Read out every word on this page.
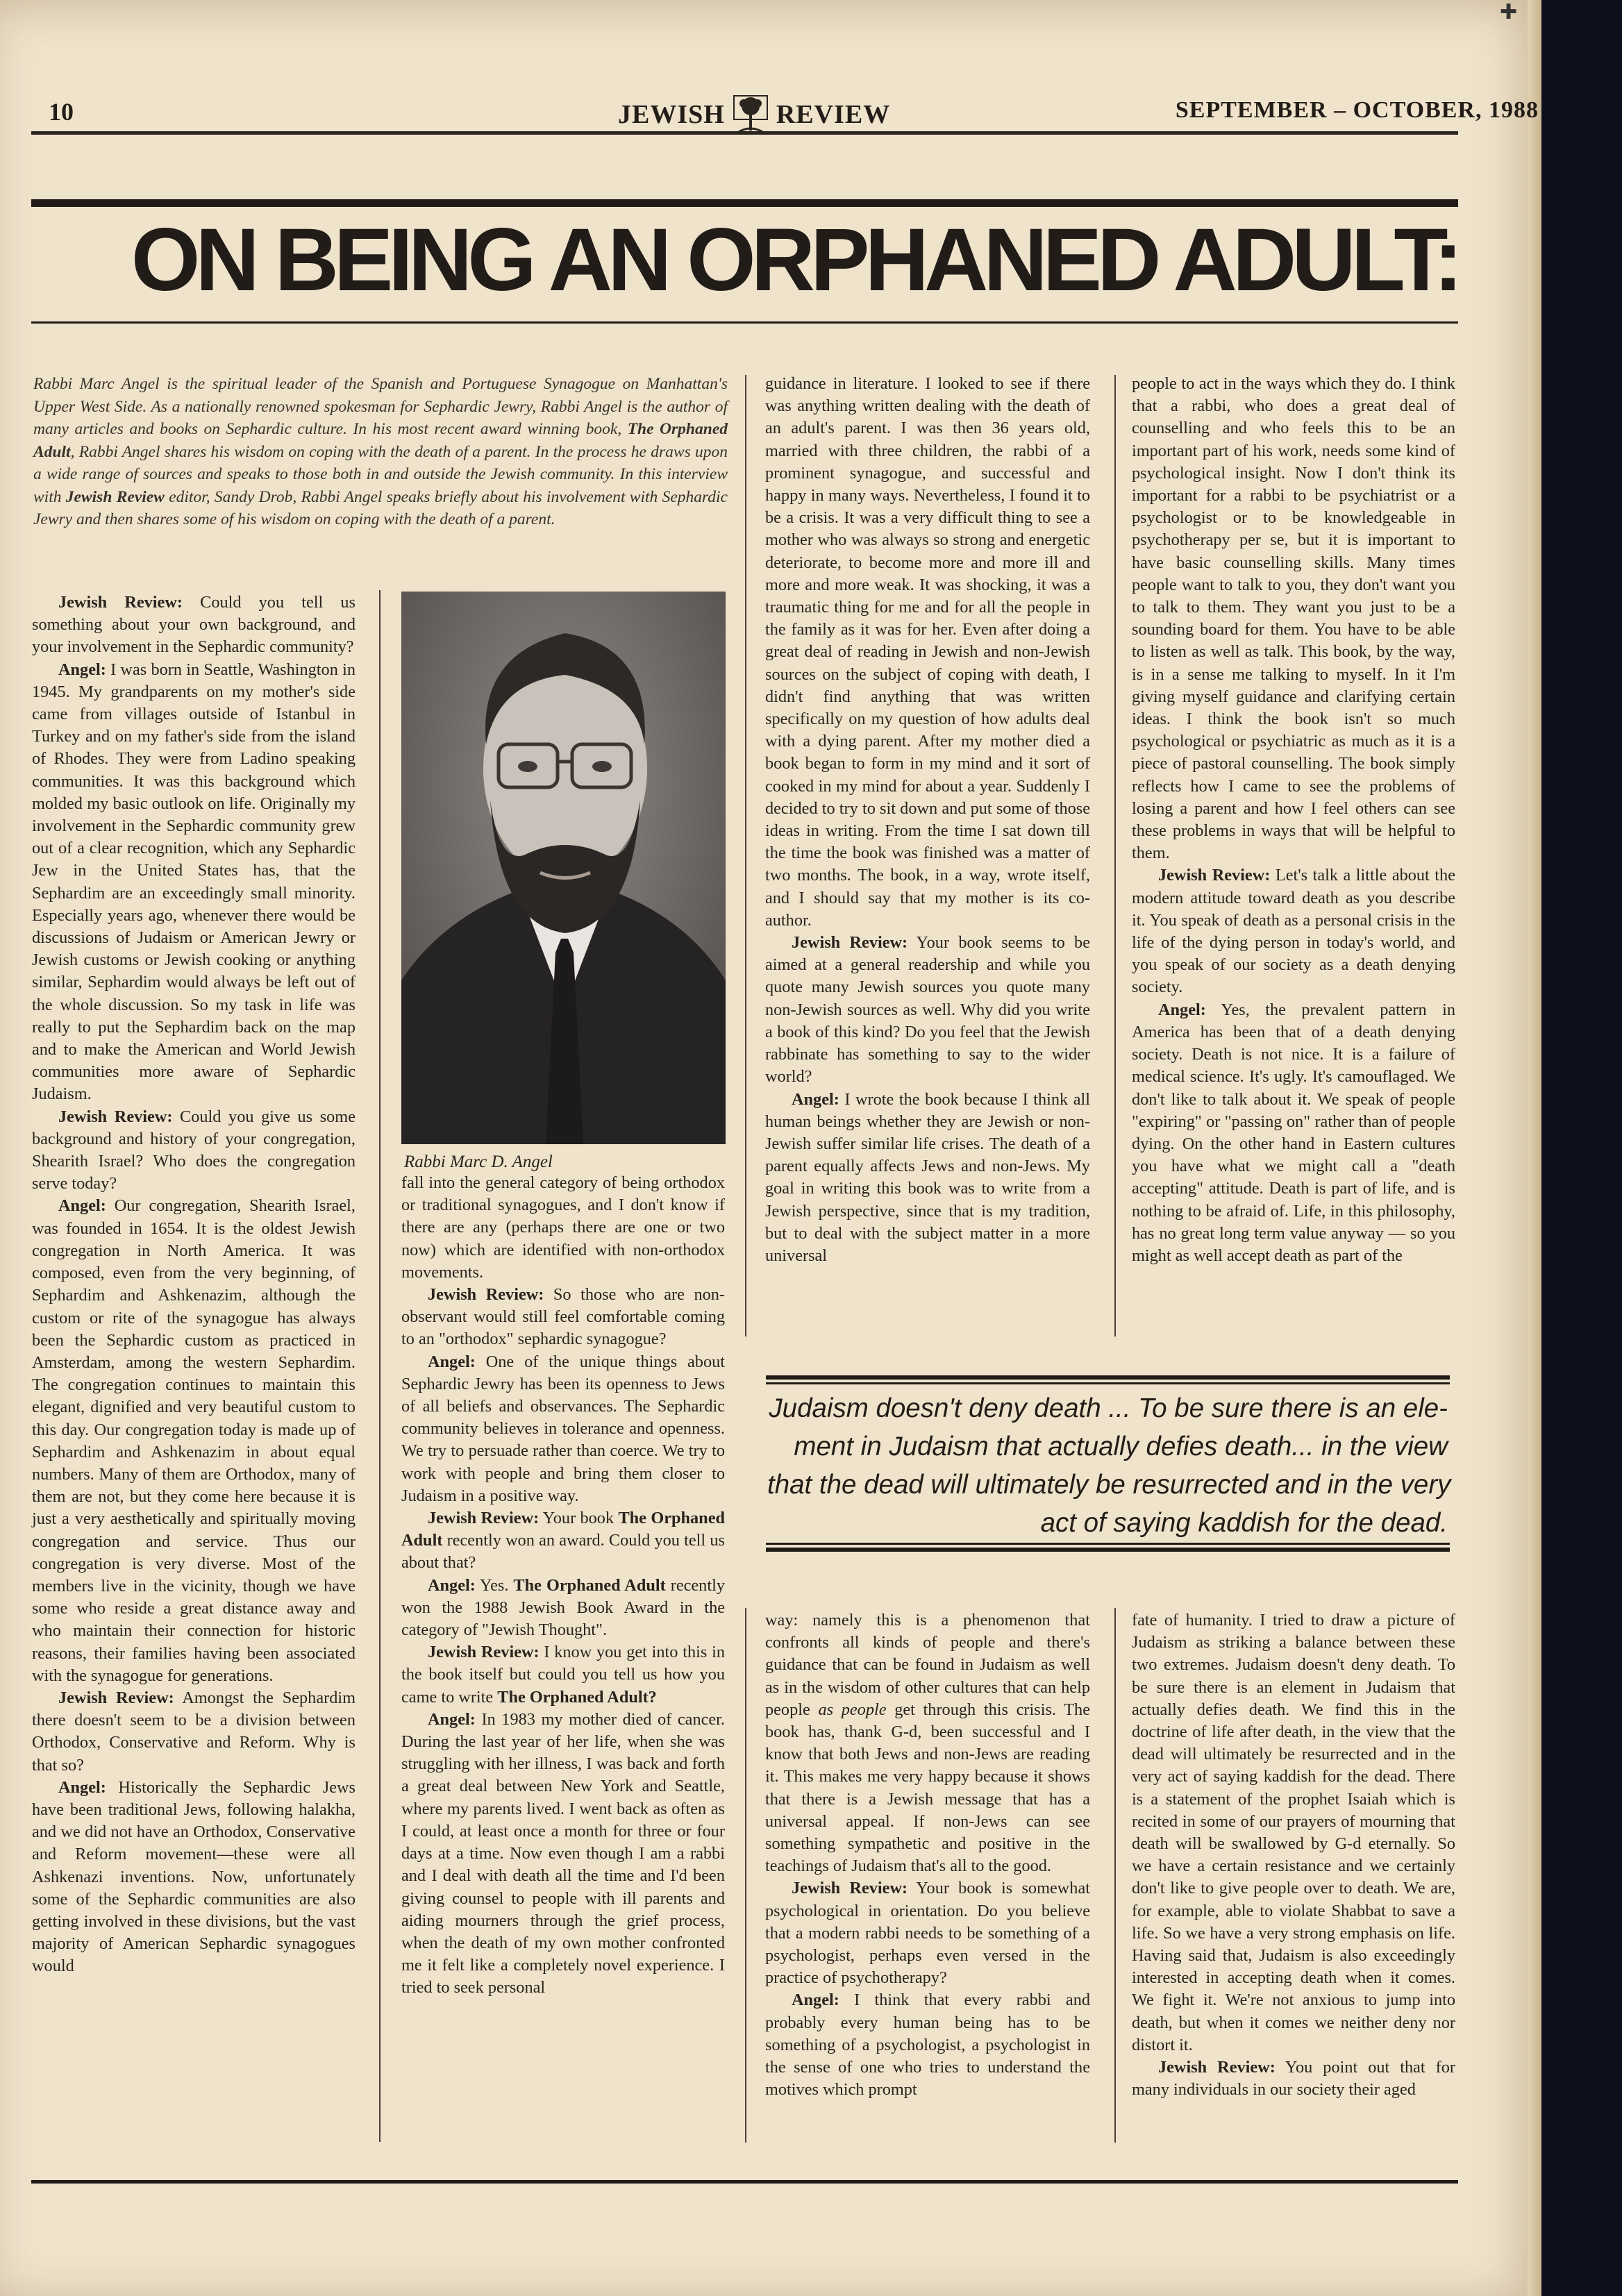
✚
10	JEWISH REVIEW	SEPTEMBER – OCTOBER, 1988
ON BEING AN ORPHANED ADULT:
Rabbi Marc Angel is the spiritual leader of the Spanish and Portuguese Synagogue on Manhattan's Upper West Side. As a nationally renowned spokesman for Sephardic Jewry, Rabbi Angel is the author of many articles and books on Sephardic culture. In his most recent award winning book, The Orphaned Adult, Rabbi Angel shares his wisdom on coping with the death of a parent. In the process he draws upon a wide range of sources and speaks to those both in and outside the Jewish community. In this interview with Jewish Review editor, Sandy Drob, Rabbi Angel speaks briefly about his involvement with Sephardic Jewry and then shares some of his wisdom on coping with the death of a parent.

Jewish Review: Could you tell us something about your own background, and your involvement in the Sephardic community?

Angel: I was born in Seattle, Washington in 1945. My grandparents on my mother's side came from villages outside of Istanbul in Turkey and on my father's side from the island of Rhodes. They were from Ladino speaking communities. It was this background which molded my basic outlook on life. Originally my involvement in the Sephardic community grew out of a clear recognition, which any Sephardic Jew in the United States has, that the Sephardim are an exceedingly small minority. Especially years ago, whenever there would be discussions of Judaism or American Jewry or Jewish customs or Jewish cooking or anything similar, Sephardim would always be left out of the whole discussion. So my task in life was really to put the Sephardim back on the map and to make the American and World Jewish communities more aware of Sephardic Judaism.

Jewish Review: Could you give us some background and history of your congregation, Shearith Israel? Who does the congregation serve today?

Angel: Our congregation, Shearith Israel, was founded in 1654. It is the oldest Jewish congregation in North America. It was composed, even from the very beginning, of Sephardim and Ashkenazim, although the custom or rite of the synagogue has always been the Sephardic custom as practiced in Amsterdam, among the western Sephardim. The congregation continues to maintain this elegant, dignified and very beautiful custom to this day. Our congregation today is made up of Sephardim and Ashkenazim in about equal numbers. Many of them are Orthodox, many of them are not, but they come here because it is just a very aesthetically and spiritually moving congregation and service. Thus our congregation is very diverse. Most of the members live in the vicinity, though we have some who reside a great distance away and who maintain their connection for historic reasons, their families having been associated with the synagogue for generations.

Jewish Review: Amongst the Sephardim there doesn't seem to be a division between Orthodox, Conservative and Reform. Why is that so?

Angel: Historically the Sephardic Jews have been traditional Jews, following halakha, and we did not have an Orthodox, Conservative and Reform movement—these were all Ashkenazi inventions. Now, unfortunately some of the Sephardic communities are also getting involved in these divisions, but the vast majority of American Sephardic synagogues would

Rabbi Marc D. Angel

fall into the general category of being orthodox or traditional synagogues, and I don't know if there are any (perhaps there are one or two now) which are identified with non-orthodox movements.

Jewish Review: So those who are non-observant would still feel comfortable coming to an "orthodox" sephardic synagogue?

Angel: One of the unique things about Sephardic Jewry has been its openness to Jews of all beliefs and observances. The Sephardic community believes in tolerance and openness. We try to persuade rather than coerce. We try to work with people and bring them closer to Judaism in a positive way.

Jewish Review: Your book The Orphaned Adult recently won an award. Could you tell us about that?

Angel: Yes. The Orphaned Adult recently won the 1988 Jewish Book Award in the category of "Jewish Thought".

Jewish Review: I know you get into this in the book itself but could you tell us how you came to write The Orphaned Adult?

Angel: In 1983 my mother died of cancer. During the last year of her life, when she was struggling with her illness, I was back and forth a great deal between New York and Seattle, where my parents lived. I went back as often as I could, at least once a month for three or four days at a time. Now even though I am a rabbi and I deal with death all the time and I'd been giving counsel to people with ill parents and aiding mourners through the grief process, when the death of my own mother confronted me it felt like a completely novel experience. I tried to seek personal

guidance in literature. I looked to see if there was anything written dealing with the death of an adult's parent. I was then 36 years old, married with three children, the rabbi of a prominent synagogue, and successful and happy in many ways. Nevertheless, I found it to be a crisis. It was a very difficult thing to see a mother who was always so strong and energetic deteriorate, to become more and more ill and more and more weak. It was shocking, it was a traumatic thing for me and for all the people in the family as it was for her. Even after doing a great deal of reading in Jewish and non-Jewish sources on the subject of coping with death, I didn't find anything that was written specifically on my question of how adults deal with a dying parent. After my mother died a book began to form in my mind and it sort of cooked in my mind for about a year. Suddenly I decided to try to sit down and put some of those ideas in writing. From the time I sat down till the time the book was finished was a matter of two months. The book, in a way, wrote itself, and I should say that my mother is its co-author.

Jewish Review: Your book seems to be aimed at a general readership and while you quote many Jewish sources you quote many non-Jewish sources as well. Why did you write a book of this kind? Do you feel that the Jewish rabbinate has something to say to the wider world?

Angel: I wrote the book because I think all human beings whether they are Jewish or non-Jewish suffer similar life crises. The death of a parent equally affects Jews and non-Jews. My goal in writing this book was to write from a Jewish perspective, since that is my tradition, but to deal with the subject matter in a more universal

people to act in the ways which they do. I think that a rabbi, who does a great deal of counselling and who feels this to be an important part of his work, needs some kind of psychological insight. Now I don't think its important for a rabbi to be psychiatrist or a psychologist or to be knowledgeable in psychotherapy per se, but it is important to have basic counselling skills. Many times people want to talk to you, they don't want you to talk to them. They want you just to be a sounding board for them. You have to be able to listen as well as talk. This book, by the way, is in a sense me talking to myself. In it I'm giving myself guidance and clarifying certain ideas. I think the book isn't so much psychological or psychiatric as much as it is a piece of pastoral counselling. The book simply reflects how I came to see the problems of losing a parent and how I feel others can see these problems in ways that will be helpful to them.

Jewish Review: Let's talk a little about the modern attitude toward death as you describe it. You speak of death as a personal crisis in the life of the dying person in today's world, and you speak of our society as a death denying society.

Angel: Yes, the prevalent pattern in America has been that of a death denying society. Death is not nice. It is a failure of medical science. It's ugly. It's camouflaged. We don't like to talk about it. We speak of people "expiring" or "passing on" rather than of people dying. On the other hand in Eastern cultures you have what we might call a "death accepting" attitude. Death is part of life, and is nothing to be afraid of. Life, in this philosophy, has no great long term value anyway — so you might as well accept death as part of the

Judaism doesn't deny death ... To be sure there is an ele-
ment in Judaism that actually defies death... in the view
that the dead will ultimately be resurrected and in the very
act of saying kaddish for the dead.

way: namely this is a phenomenon that confronts all kinds of people and there's guidance that can be found in Judaism as well as in the wisdom of other cultures that can help people as people get through this crisis. The book has, thank G-d, been successful and I know that both Jews and non-Jews are reading it. This makes me very happy because it shows that there is a Jewish message that has a universal appeal. If non-Jews can see something sympathetic and positive in the teachings of Judaism that's all to the good.

Jewish Review: Your book is somewhat psychological in orientation. Do you believe that a modern rabbi needs to be something of a psychologist, perhaps even versed in the practice of psychotherapy?

Angel: I think that every rabbi and probably every human being has to be something of a psychologist, a psychologist in the sense of one who tries to understand the motives which prompt

fate of humanity. I tried to draw a picture of Judaism as striking a balance between these two extremes. Judaism doesn't deny death. To be sure there is an element in Judaism that actually defies death. We find this in the doctrine of life after death, in the view that the dead will ultimately be resurrected and in the very act of saying kaddish for the dead. There is a statement of the prophet Isaiah which is recited in some of our prayers of mourning that death will be swallowed by G-d eternally. So we have a certain resistance and we certainly don't like to give people over to death. We are, for example, able to violate Shabbat to save a life. So we have a very strong emphasis on life. Having said that, Judaism is also exceedingly interested in accepting death when it comes. We fight it. We're not anxious to jump into death, but when it comes we neither deny nor distort it.

Jewish Review: You point out that for many individuals in our society their aged
